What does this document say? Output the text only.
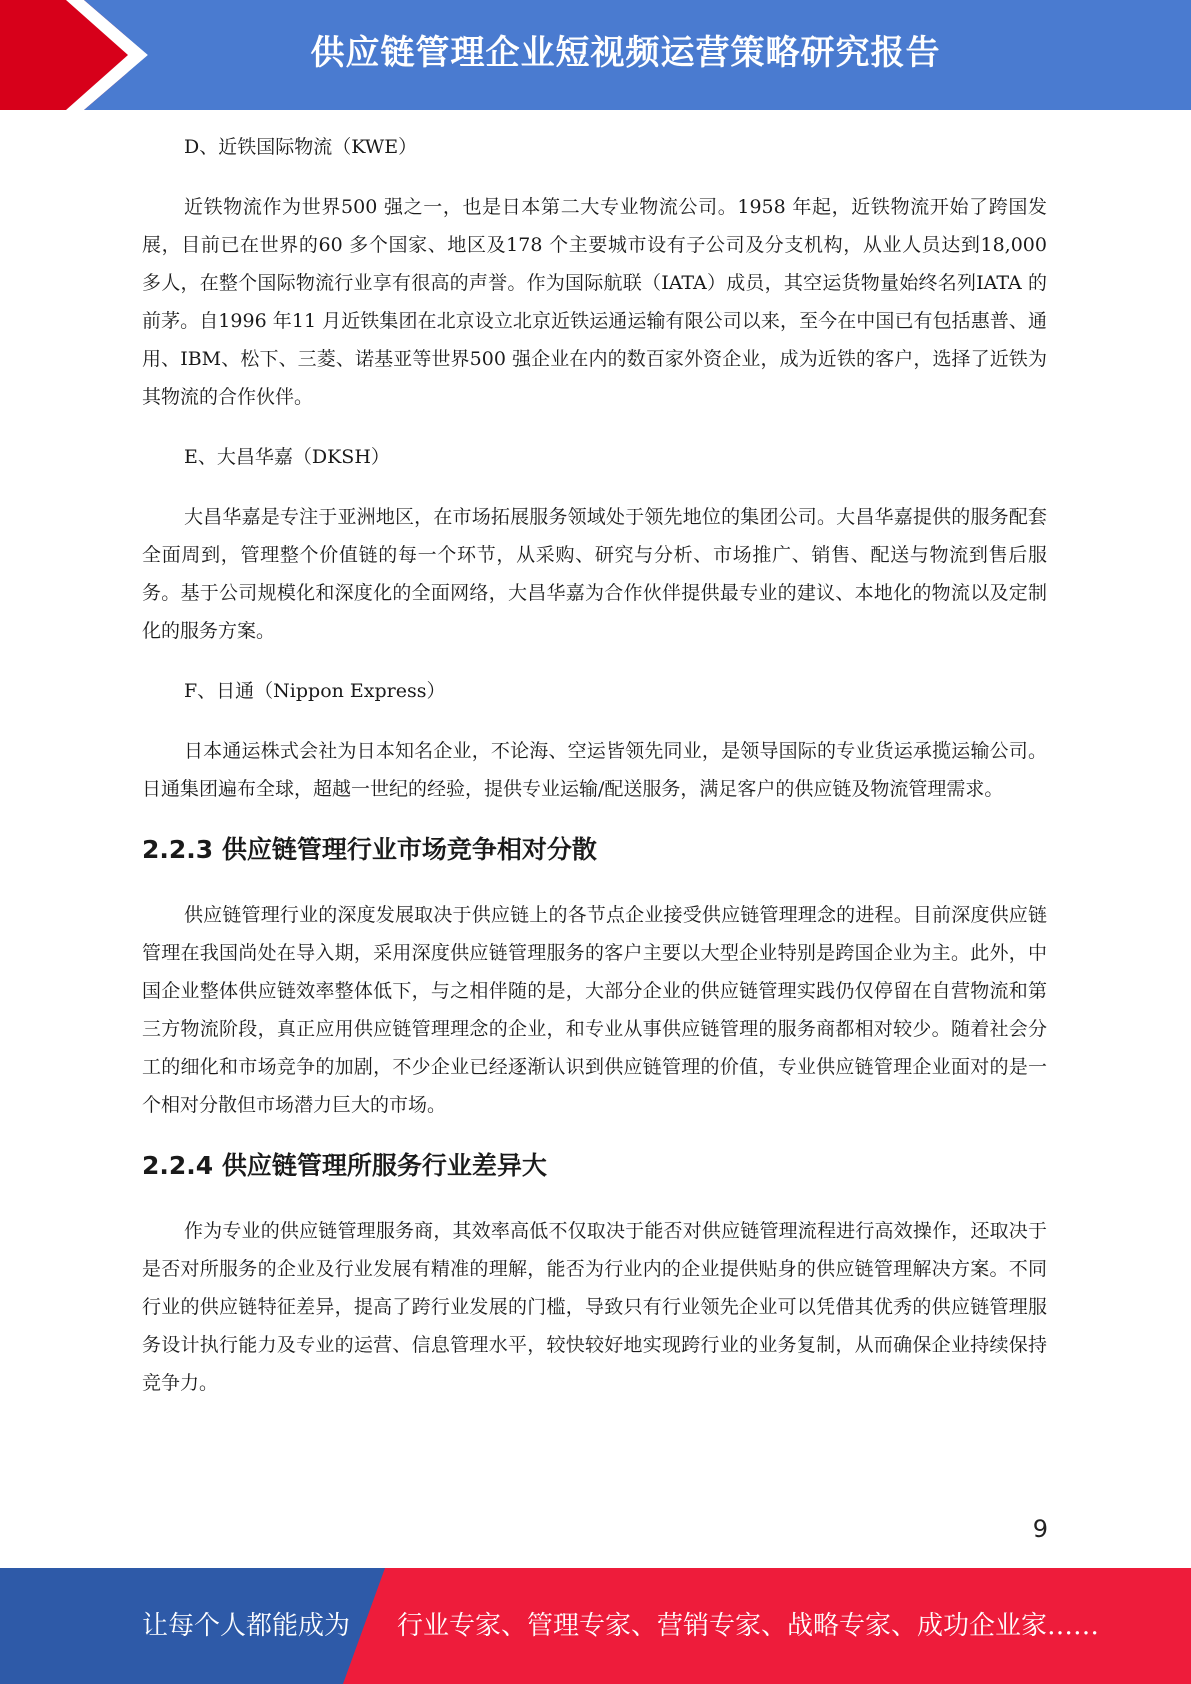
供应链管理企业短视频运营策略研究报告

D、近铁国际物流（KWE）

近铁物流作为世界500 强之一，也是日本第二大专业物流公司。1958 年起，近铁物流开始了跨国发展，目前已在世界的60 多个国家、地区及178 个主要城市设有子公司及分支机构，从业人员达到18,000 多人，在整个国际物流行业享有很高的声誉。作为国际航联（IATA）成员，其空运货物量始终名列IATA 的前茅。自1996 年11 月近铁集团在北京设立北京近铁运通运输有限公司以来，至今在中国已有包括惠普、通用、IBM、松下、三菱、诺基亚等世界500 强企业在内的数百家外资企业，成为近铁的客户，选择了近铁为其物流的合作伙伴。

E、大昌华嘉（DKSH）

大昌华嘉是专注于亚洲地区，在市场拓展服务领域处于领先地位的集团公司。大昌华嘉提供的服务配套全面周到，管理整个价值链的每一个环节，从采购、研究与分析、市场推广、销售、配送与物流到售后服务。基于公司规模化和深度化的全面网络，大昌华嘉为合作伙伴提供最专业的建议、本地化的物流以及定制化的服务方案。

F、日通（Nippon Express）

日本通运株式会社为日本知名企业，不论海、空运皆领先同业，是领导国际的专业货运承揽运输公司。日通集团遍布全球，超越一世纪的经验，提供专业运输/配送服务，满足客户的供应链及物流管理需求。

2.2.3 供应链管理行业市场竞争相对分散

供应链管理行业的深度发展取决于供应链上的各节点企业接受供应链管理理念的进程。目前深度供应链管理在我国尚处在导入期，采用深度供应链管理服务的客户主要以大型企业特别是跨国企业为主。此外，中国企业整体供应链效率整体低下，与之相伴随的是，大部分企业的供应链管理实践仍仅停留在自营物流和第三方物流阶段，真正应用供应链管理理念的企业，和专业从事供应链管理的服务商都相对较少。随着社会分工的细化和市场竞争的加剧，不少企业已经逐渐认识到供应链管理的价值，专业供应链管理企业面对的是一个相对分散但市场潜力巨大的市场。

2.2.4 供应链管理所服务行业差异大

作为专业的供应链管理服务商，其效率高低不仅取决于能否对供应链管理流程进行高效操作，还取决于是否对所服务的企业及行业发展有精准的理解，能否为行业内的企业提供贴身的供应链管理解决方案。不同行业的供应链特征差异，提高了跨行业发展的门槛，导致只有行业领先企业可以凭借其优秀的供应链管理服务设计执行能力及专业的运营、信息管理水平，较快较好地实现跨行业的业务复制，从而确保企业持续保持竞争力。

9
让每个人都能成为 行业专家、管理专家、营销专家、战略专家、成功企业家……
